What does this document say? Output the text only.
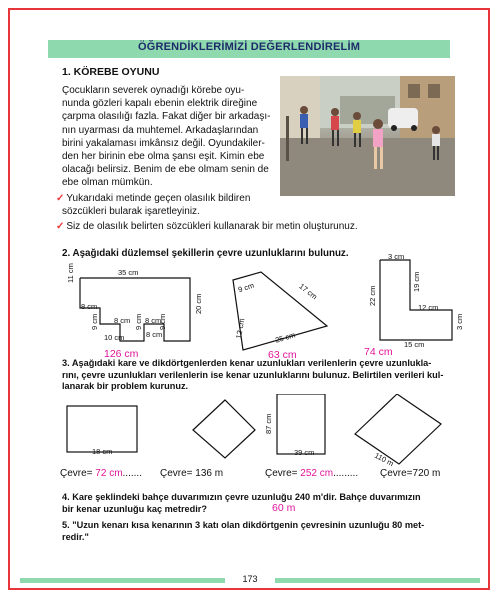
ÖĞRENDİKLERİMİZİ DEĞERLENDİRELİM
1. KÖREBE OYUNU
Çocukların severek oynadığı körebe oyu-
nunda gözleri kapalı ebenin elektrik direğine
çarpma olasılığı fazla. Fakat diğer bir arkadaşı-
nın uyarması da muhtemel. Arkadaşlarından
birini yakalaması imkânsız değil. Oyundakiler-
den her birinin ebe olma şansı eşit. Kimin ebe
olacağı belirsiz. Benim de ebe olmam senin de
ebe olman mümkün.
✓ Yukarıdaki metinde geçen olasılık bildiren
sözcükleri bularak işaretleyiniz.
✓ Siz de olasılık belirten sözcükleri kullanarak bir metin oluşturunuz.
2. Aşağıdaki düzlemsel şekillerin çevre uzunluklarını bulunuz.
35 cm
11 cm
8 cm
8 cm 8 cm
20 cm
9 cm
10 cm
9 cm
8 cm
9 cm
126 cm
9 cm	17 cm
12 cm	25 cm
63 cm
3 cm
22 cm
19 cm
12 cm
3 cm
15 cm
74 cm
3. Aşağıdaki kare ve dikdörtgenlerden kenar uzunlukları verilenlerin çevre uzunlukla-
rını, çevre uzunlukları verilenlerin ise kenar uzunluklarını bulunuz. Belirtilen verileri kul-
lanarak bir problem kurunuz.
18 cm
87 cm
39 cm	110 m
Çevre= 72 cm....... Çevre= 136 m	Çevre= 252 cm......... Çevre=720 m
4. Kare şeklindeki bahçe duvarımızın çevre uzunluğu 240 m'dir. Bahçe duvarımızın
bir kenar uzunluğu kaç metredir?	60 m
5. "Uzun kenarı kısa kenarının 3 katı olan dikdörtgenin çevresinin uzunluğu 80 met-
redir."
173
